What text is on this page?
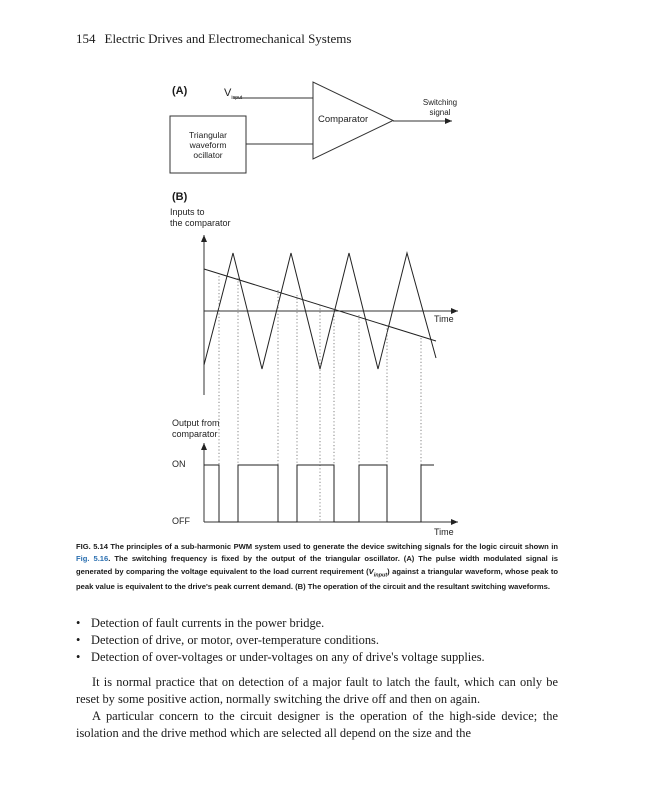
154 Electric Drives and Electromechanical Systems
(A)	$V_{input}$
Triangular
waveform
ocillator
Comparator
Switching
signal
(B)
Inputs to
the comparator
Time
Output from
comparator
ON
OFF
Time
FIG. 5.14 The principles of a sub-harmonic PWM system used to generate the device switching signals for the logic circuit shown in Fig. 5.16. The switching frequency is fixed by the output of the triangular oscillator. (A) The pulse width modulated signal is generated by comparing the voltage equivalent to the load current requirement $(V_{input})$ against a triangular waveform, whose peak to peak value is equivalent to the drive's peak current demand. (B) The operation of the circuit and the resultant switching waveforms.
• Detection of fault currents in the power bridge.
• Detection of drive, or motor, over-temperature conditions.
• Detection of over-voltages or under-voltages on any of drive's voltage supplies.
It is normal practice that on detection of a major fault to latch the fault, which can only be reset by some positive action, normally switching the drive off and then on again.
A particular concern to the circuit designer is the operation of the high-side device; the isolation and the drive method which are selected all depend on the size and the
